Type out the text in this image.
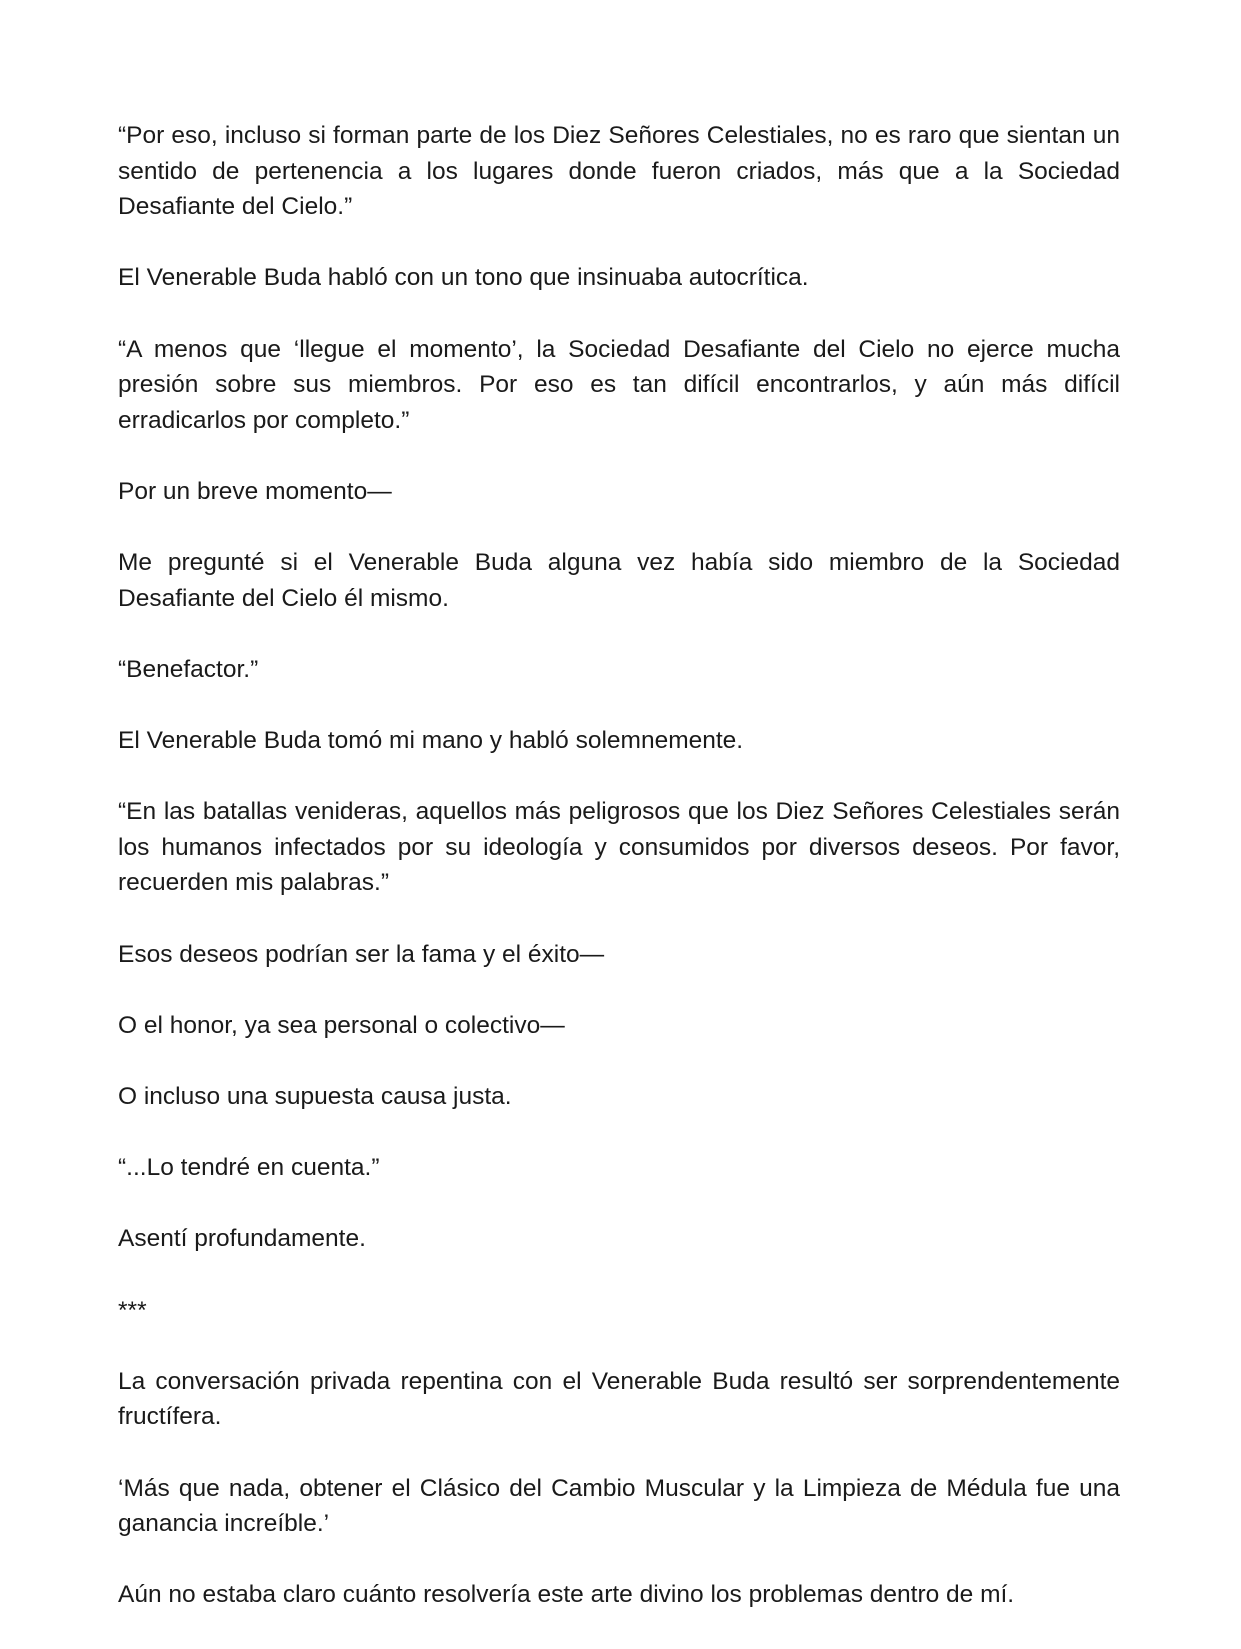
“Por eso, incluso si forman parte de los Diez Señores Celestiales, no es raro que sientan un sentido de pertenencia a los lugares donde fueron criados, más que a la Sociedad Desafiante del Cielo.”

El Venerable Buda habló con un tono que insinuaba autocrítica.

“A menos que ‘llegue el momento’, la Sociedad Desafiante del Cielo no ejerce mucha presión sobre sus miembros. Por eso es tan difícil encontrarlos, y aún más difícil erradicarlos por completo.”

Por un breve momento—

Me pregunté si el Venerable Buda alguna vez había sido miembro de la Sociedad Desafiante del Cielo él mismo.

“Benefactor.”

El Venerable Buda tomó mi mano y habló solemnemente.

“En las batallas venideras, aquellos más peligrosos que los Diez Señores Celestiales serán los humanos infectados por su ideología y consumidos por diversos deseos. Por favor, recuerden mis palabras.”

Esos deseos podrían ser la fama y el éxito—

O el honor, ya sea personal o colectivo—

O incluso una supuesta causa justa.

“...Lo tendré en cuenta.”

Asentí profundamente.

***

La conversación privada repentina con el Venerable Buda resultó ser sorprendentemente fructífera.

‘Más que nada, obtener el Clásico del Cambio Muscular y la Limpieza de Médula fue una ganancia increíble.’

Aún no estaba claro cuánto resolvería este arte divino los problemas dentro de mí.
